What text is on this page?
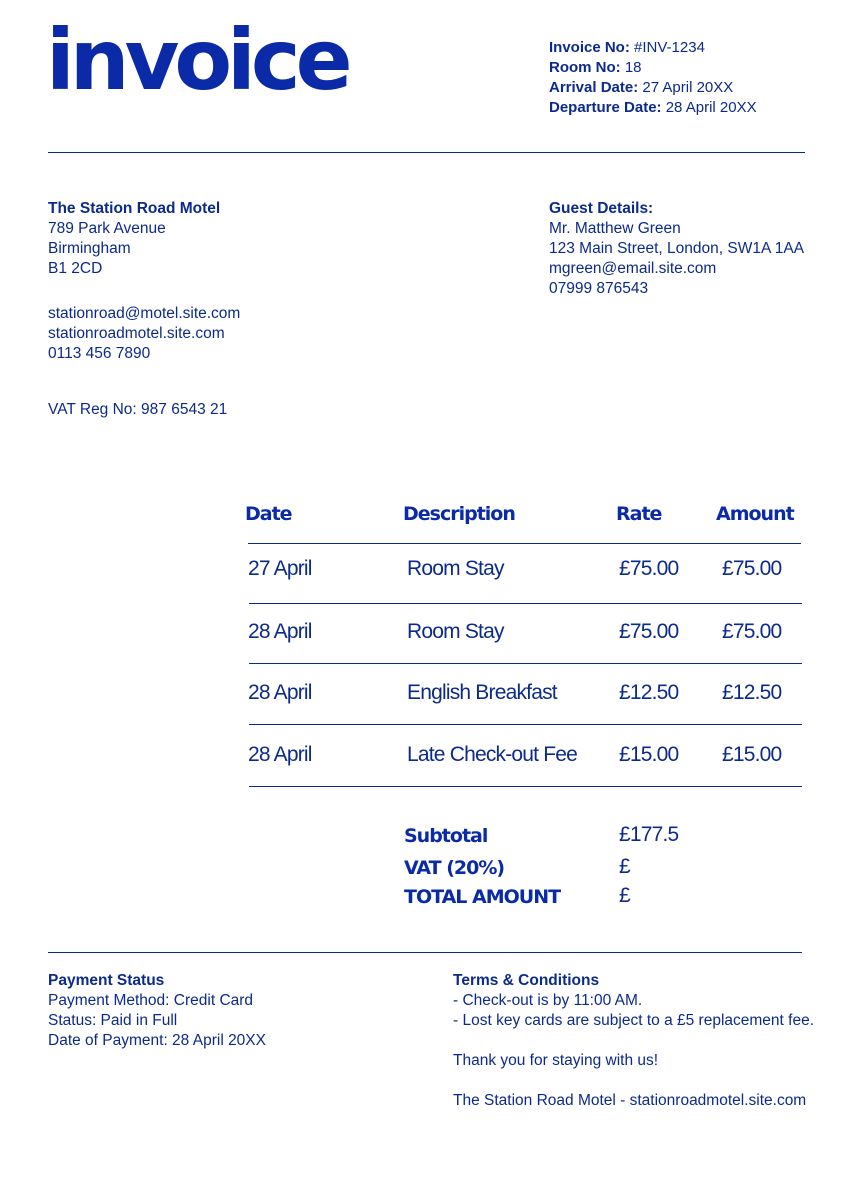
invoice	Invoice No: #INV-1234
Room No: 18
Arrival Date: 27 April 20XX
Departure Date: 28 April 20XX
The Station Road Motel
789 Park Avenue
Birmingham
B1 2CD
stationroad@motel.site.com
stationroadmotel.site.com
0113 456 7890
VAT Reg No: 987 6543 21
Guest Details:
Mr. Matthew Green
123 Main Street, London, SW1A 1AA
mgreen@email.site.com
07999 876543
Date	Description	Rate	Amount
27 April	Room Stay	£75.00 £75.00
28 April	Room Stay	£75.00 £75.00
28 April	English Breakfast	£12.50 £12.50
28 April	Late Check-out Fee £15.00 £15.00
Subtotal	£177.5
VAT (20%)	£
TOTAL AMOUNT	£
Payment Status
Payment Method: Credit Card
Status: Paid in Full
Date of Payment: 28 April 20XX
Terms & Conditions
- Check-out is by 11:00 AM.
- Lost key cards are subject to a £5 replacement fee.
Thank you for staying with us!
The Station Road Motel - stationroadmotel.site.com
